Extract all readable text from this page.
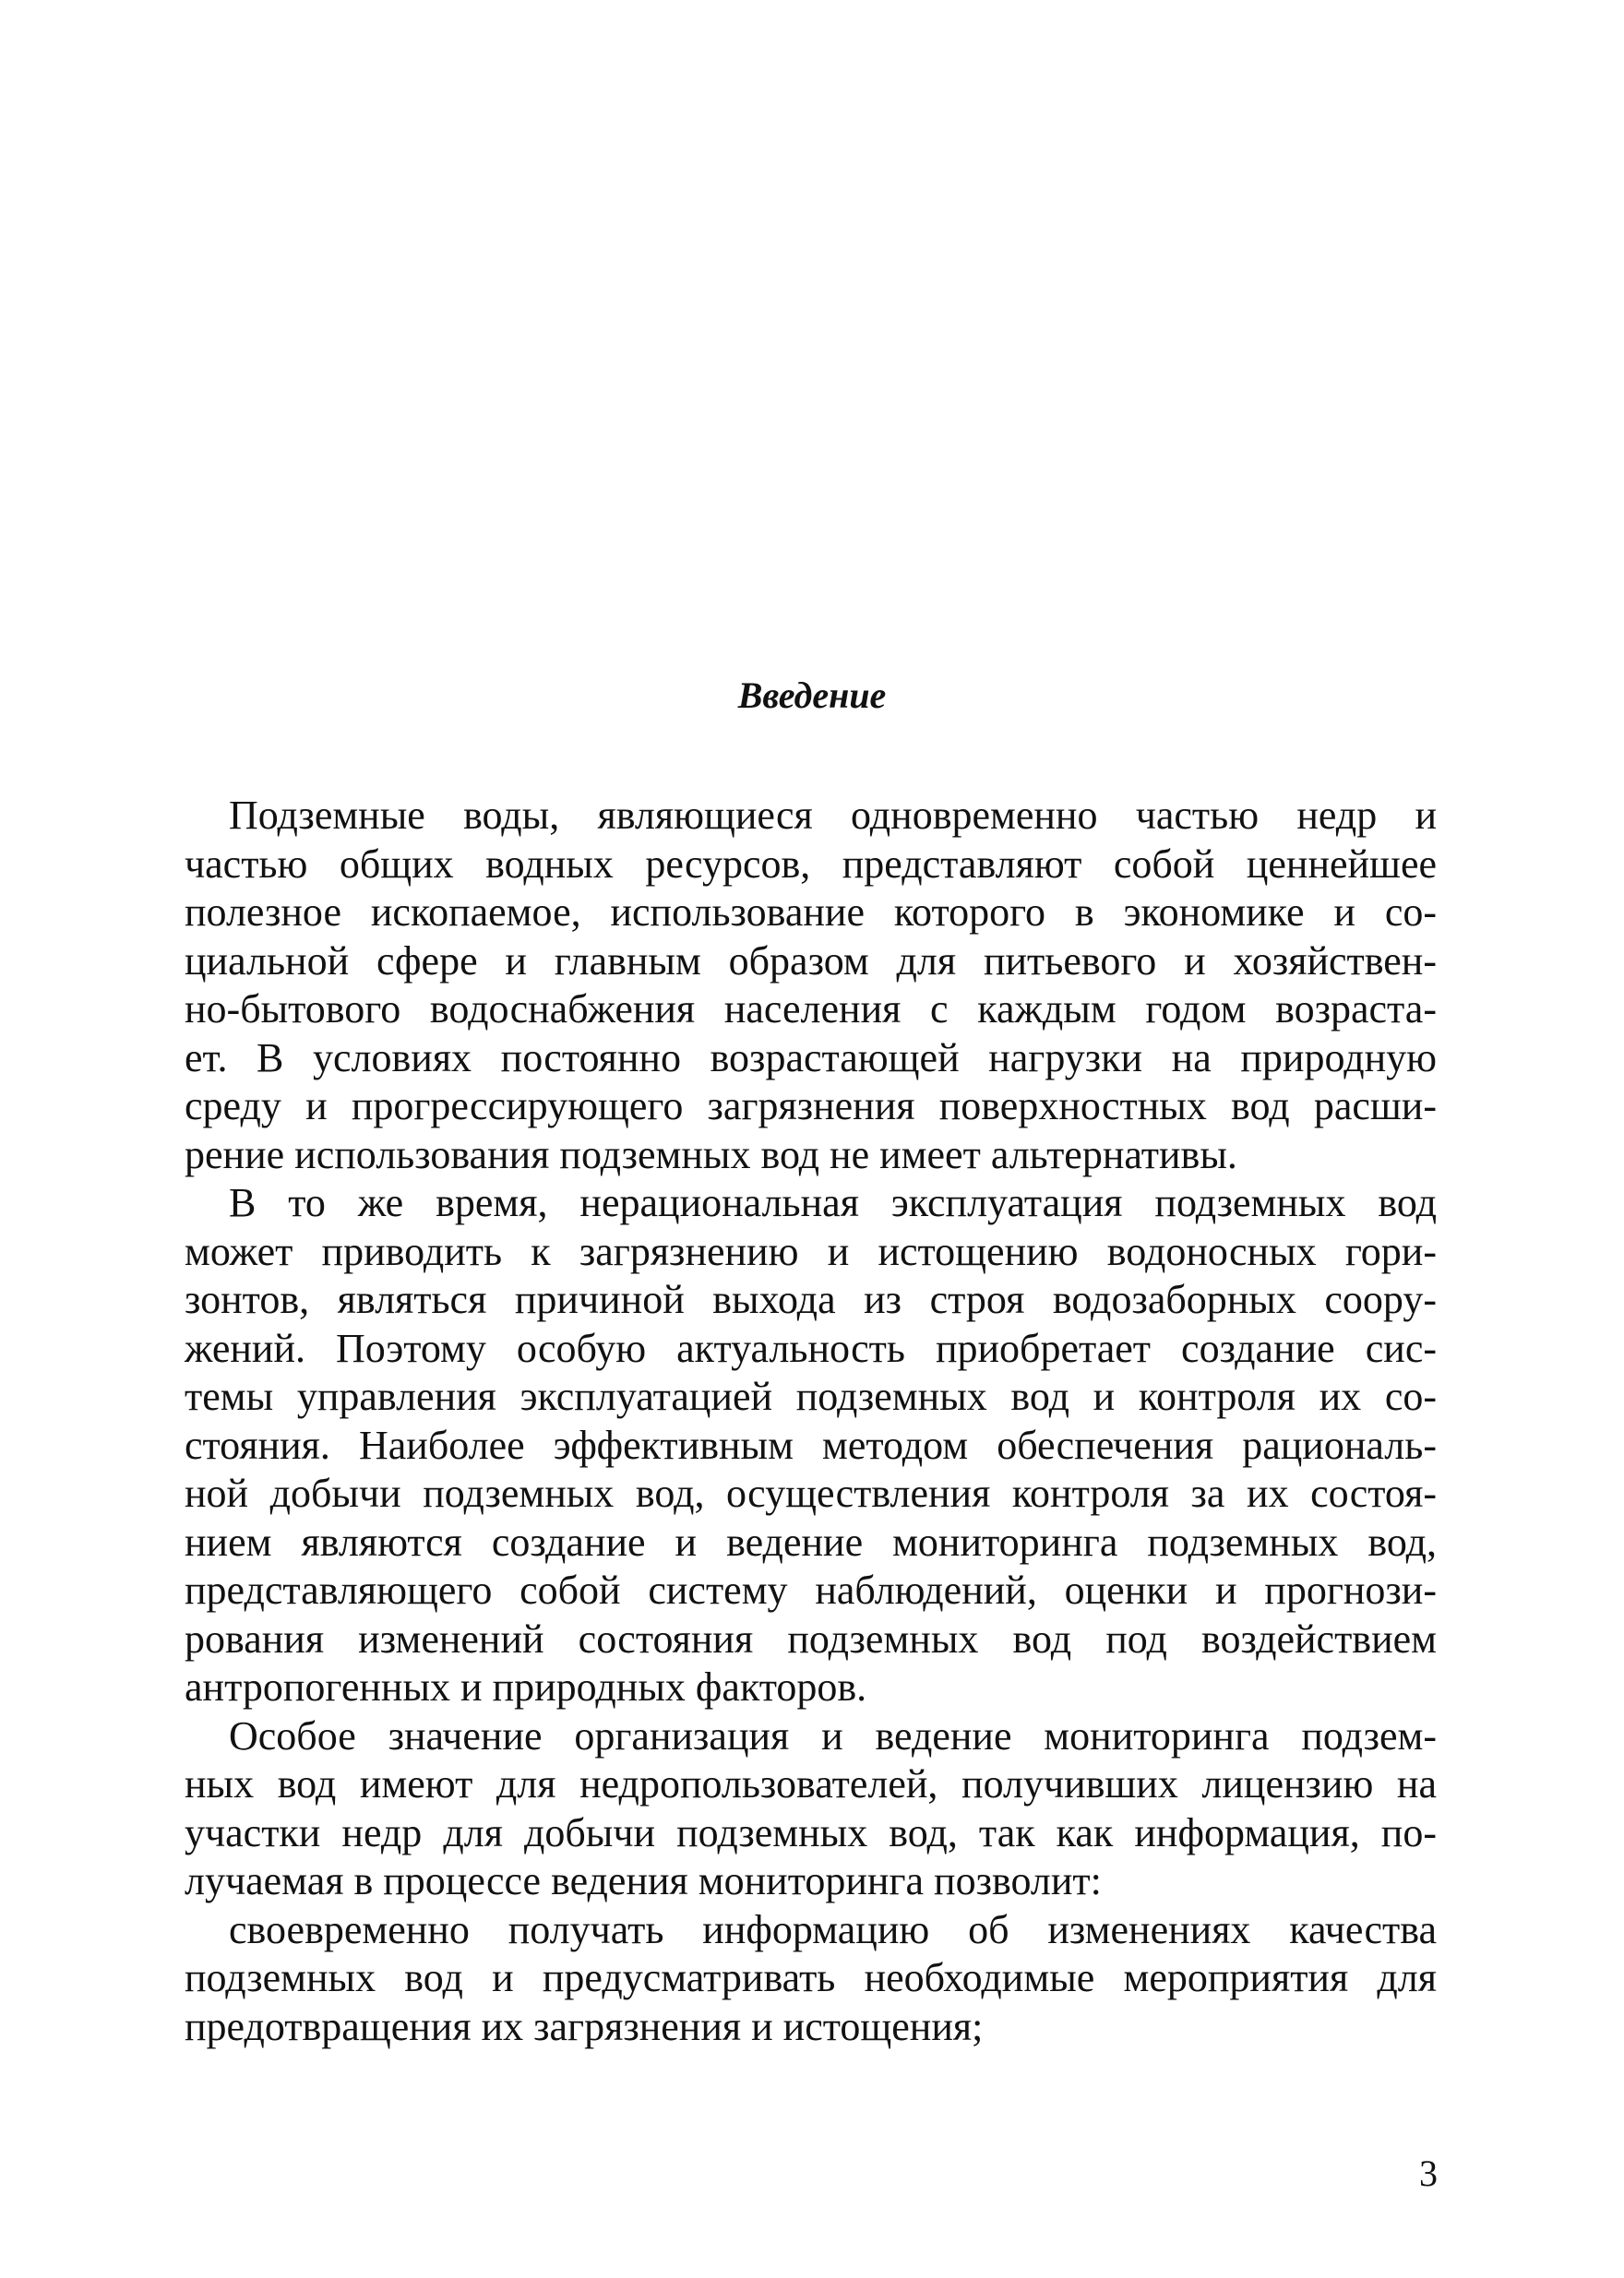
Введение

Подземные воды, являющиеся одновременно частью недр и
частью общих водных ресурсов, представляют собой ценнейшее
полезное ископаемое, использование которого в экономике и со-
циальной сфере и главным образом для питьевого и хозяйствен-
но-бытового водоснабжения населения с каждым годом возраста-
ет. В условиях постоянно возрастающей нагрузки на природную
среду и прогрессирующего загрязнения поверхностных вод расши-
рение использования подземных вод не имеет альтернативы.

В то же время, нерациональная эксплуатация подземных вод
может приводить к загрязнению и истощению водоносных гори-
зонтов, являться причиной выхода из строя водозаборных соору-
жений. Поэтому особую актуальность приобретает создание сис-
темы управления эксплуатацией подземных вод и контроля их со-
стояния. Наиболее эффективным методом обеспечения рациональ-
ной добычи подземных вод, осуществления контроля за их состоя-
нием являются создание и ведение мониторинга подземных вод,
представляющего собой систему наблюдений, оценки и прогнози-
рования изменений состояния подземных вод под воздействием
антропогенных и природных факторов.

Особое значение организация и ведение мониторинга подзем-
ных вод имеют для недропользователей, получивших лицензию на
участки недр для добычи подземных вод, так как информация, по-
лучаемая в процессе ведения мониторинга позволит:

своевременно получать информацию об изменениях качества
подземных вод и предусматривать необходимые мероприятия для
предотвращения их загрязнения и истощения;

3
